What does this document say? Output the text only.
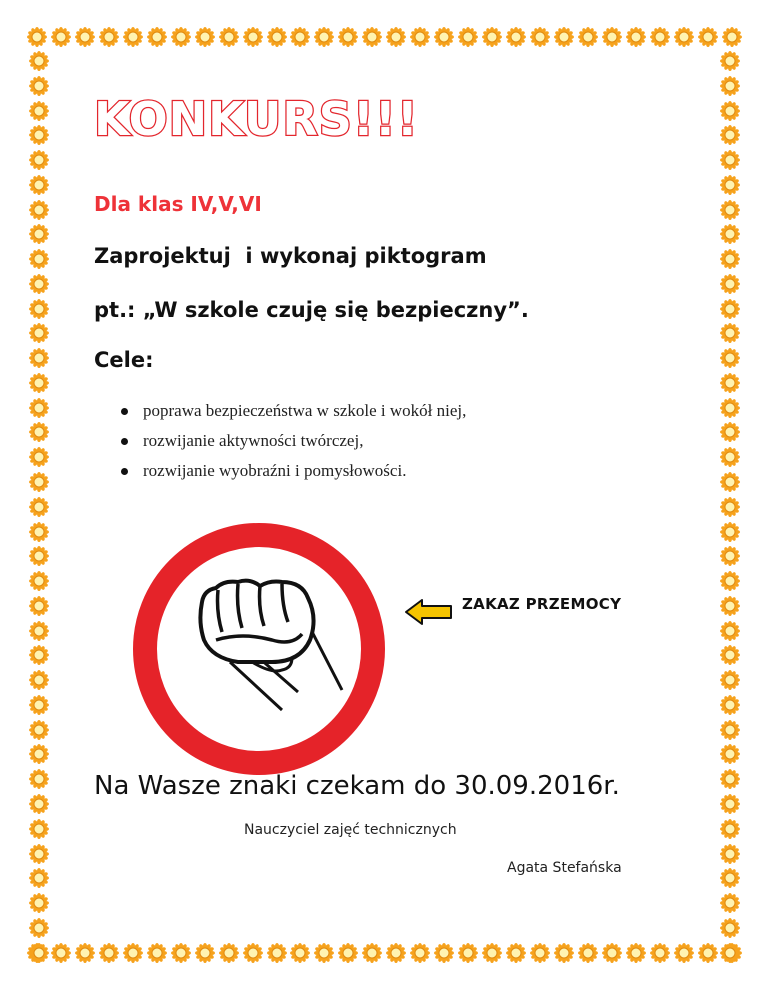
KONKURS!!!
Dla klas IV,V,VI

Zaprojektuj  i wykonaj piktogram

pt.: „W szkole czuję się bezpieczny”.

Cele:

poprawa bezpieczeństwa w szkole i wokół niej,
rozwijanie aktywności twórczej,
rozwijanie wyobraźni i pomysłowości.

ZAKAZ PRZEMOCY

Na Wasze znaki czekam do 30.09.2016r.

Nauczyciel zajęć technicznych

Agata Stefańska
